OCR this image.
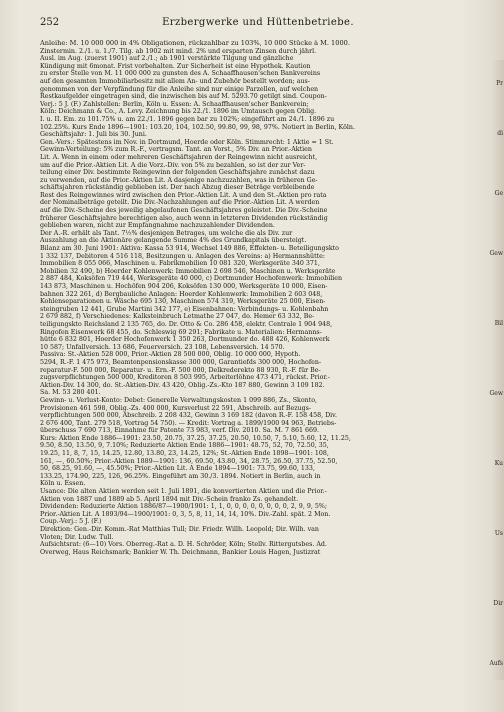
252	Erzbergwerke und Hüttenbetriebe.
Anleihe: M. 10 000 000 in 4% Obligationen, rückzahlbar zu 103%, 10 000 Stücke à M. 1000.
Zinstermin. 2./1. u. 1./7. Tilg. ab 1902 mit mind. 2% und ersparten Zinsen durch jährl.
Ausl. im Aug. (zuerst 1901) auf 2./1.; ab 1901 verstärkte Tilgung und gänzliche
Kündigung mit 6monat. Frist vorbehalten. Zur Sicherheit ist eine Hypothek. Kaution
zu erster Stelle von M. 11 000 000 zu gunsten des A. Schaaffhausen'schen Bankvereins
auf den gesamten Immobiliarbesitz mit allem An- und Zubehör bestellt worden; aus-
genommen von der Verpfändung für die Anleihe sind nur einige Parzellen, auf welchen
Restkaufgelder eingetragen sind, die inzwischen bis auf M. 5293.70 getilgt sind. Coupon-
Verj.: 5 J. (F.) Zahlstellen: Berlin, Köln u. Essen: A. Schaaffhausen'scher Bankverein;
Köln: Deichmann & Co., A. Levy. Zeichnung bis 22./1. 1896 im Umtausch gegen Oblig.
I. u. II. Em. zu 101.75% u. am 22./1. 1896 gegen bar zu 102%; eingeführt am 24./1. 1896 zu
102.25%. Kurs Ende 1896—1901: 103.20, 104, 102.50, 99.80, 99, 98, 97%. Notiert in Berlin, Köln.
Geschäftsjahr: 1. Juli bis 30. Juni.
Gen.-Vers.: Spätestens im Nov. in Dortmund, Hoerde oder Köln. Stimmrecht: 1 Aktie = 1 St.
Gewinn-Verteilung: 5% zum R.-F., vertragsm. Tant. an Vorst., 5% Div. an Prior.-Aktien
Lit. A. Wenn in einem oder mehreren Geschäftsjahren der Reingewinn nicht ausreicht,
um auf die Prior.-Aktien Lit. A die Vorz.-Div. von 5% zu bezahlen, so ist der zur Ver-
teilung einer Div. bestimmte Reingewinn der folgenden Geschäftsjahre zunächst dazu
zu verwenden, auf die Prior.-Aktien Lit. A dasjenige nachzuzahlen, was in früheren Ge-
schäftsjahren rückständig geblieben ist. Der nach Abzug dieser Beträge verbleibende
Rest des Reingewinnes wird zwischen den Prior.-Aktien Lit. A und den St.-Aktien pro rata
der Nominalbeträge geteilt. Die Div.-Nachzahlungen auf die Prior.-Aktien Lit. A werden
auf die Div.-Scheine des jeweilig abgelaufenen Geschäftsjahres geleistet. Die Div.-Scheine
früherer Geschäftsjahre berechtigen also, auch wenn in letzteren Dividenden rückständig
geblieben waren, nicht zur Empfangnahme nachzuzahlender Dividenden.
Der A.-R. erhält als Tant. 7½% desjenigen Betrages, um welche die als Div. zur
Auszahlung an die Aktionäre gelangende Summe 4% des Grundkapitals übersteigt.
Bilanz am 30. Juni 1901: Aktiva: Kassa 53 914, Wechsel 149 886, Effekten- u. Beteiligungskto
1 332 137, Debitoren 4 516 118, Besitzungen u. Anlagen des Vereins: a) Hermannshütte:
Immobilien 8 055 066, Maschinen u. Fabrikmobilien 10 081 320, Werksgeräte 340 371,
Mobilien 32 490, b) Hoerder Kohlenwerk: Immobilien 2 698 546, Maschinen u. Werksgeräte
2 887 484, Koksöfen 719 444, Werksgeräte 40 000, c) Dortmunder Hochofenwerk: Immobilien
143 873, Maschinen u. Hochöfen 904 206, Koksöfen 130 000, Werksgeräte 10 000, Eisen-
bahnen 322 261, d) Bergbauliche Anlagen: Hoerder Kohlenwerk: Immobilien 2 603 048,
Kohlenseparationen u. Wäsche 695 130, Maschinen 574 319, Werksgeräte 25 000, Eisen-
steingruben 12 441, Grube Martini 342 177, e) Eisenbahnen: Verbindungs- u. Kohlenbahn
2 679 882, f) Verschiedenes: Kalksteinbruch Letmathe 27 047, do. Hemer 63 332, Be-
teiligungskto Reichsland 2 135 765, do. Dr. Otto & Co. 286 458, elektr. Centrale 1 904 948,
Ringofen Eisenwerk 68 455, do. Schleswig 69 291; Fabrikate u. Materialien: Hermanns-
hütte 6 832 801, Hoerder Hochofenwerk 1 350 263, Dortmunder do. 488 426, Kohlenwerk
10 587; Unfallversich. 13 686, Feuerversich. 23 108, Lebensversich. 14 570.
Passiva: St.-Aktien 528 000, Prior.-Aktien 28 500 000, Oblig. 10 000 000, Hypoth.
5294, R.-F. 1 475 973, Beamtenpensionskasse 300 000, Garantiefds 300 000, Hochofen-
reparatur-F. 500 000, Reparatur- u. Ern.-F. 500 000, Delkrederekto 88 930, R.-F. für Be-
zugsverpflichtungen 500 000, Kreditoren 8 503 995, Arbeiterlöhne 473 471, rückst. Prior.-
Aktien-Div. 14 300, do. St.-Aktien-Div. 43 420, Oblig.-Zs.-Kto 187 880, Gewinn 3 109 182.
Sa. M. 53 280 401.
Gewinn- u. Verlust-Konto: Debet: Generelle Verwaltungskosten 1 099 886, Zs., Skonto,
Provisionen 461 598, Oblig.-Zs. 400 000, Kursverlust 22 591, Abschreib. auf Bezugs-
verpflichtungen 500 000, Abschreib. 2 208 432, Gewinn 3 169 182 (davon R.-F. 158 458, Div.
2 676 400, Tant. 279 518, Vortrag 54 750). — Kredit: Vortrag a. 1899/1900 94 963, Betriebs-
überschuss 7 690 713, Einnahme für Patente 73 983, verf. Div. 2010. Sa. M. 7 861 669.
Kurs: Aktien Ende 1886—1901: 23.50, 20.75, 37.25, 37.25, 20.50, 10.50, 7, 5.10, 5.60, 12, 11.25,
9.50, 8.50, 13.50, 9, 7.10%; Reduzierte Aktien Ende 1886—1901: 48.75, 52, 70, 72.50, 35,
19.25, 11, 8, 7, 15, 14.25, 12.80, 13.80, 23, 14.25, 12%; St.-Aktien Ende 1898—1901: 108,
161, —, 60.50%; Prior.-Aktien 1889—1901: 136, 69.50, 43.80, 34, 28.75, 26.50, 37.75, 52.50,
50, 68.25, 91.60, —, 45.50%; Prior.-Aktien Lit. A Ende 1894—1901: 73.75, 99.60, 133,
133.25, 174.90, 225, 126, 96.25%. Eingeführt am 30./3. 1894. Notiert in Berlin, auch in
Köln u. Essen.
Usance: Die alten Aktien werden seit 1. Juli 1891, die konvertierten Aktien und die Prior.-
Aktien von 1887 und 1889 ab 5. April 1894 mit Div.-Schein franko Zs. gehandelt.
Dividenden: Reduzierte Aktien 1886/87—1900/1901: 1, 1, 0, 0, 0, 0, 0, 0, 0, 0, 2, 9, 9, 5%;
Prior.-Aktien Lit. A 1893/94—1900/1901: 0, 3, 5, 8, 11, 14, 14, 10%. Div.-Zahl. spät. 2 Mon.
Coup.-Verj.: 5 J. (F.)
Direktion: Gen.-Dir. Komm.-Rat Matthias Tull; Dir. Friedr. Willh. Leopold; Dir. Wilh. van
Vloten; Dir. Ludw. Tull.
Aufsichtsrat: (6—10) Vors. Oberreg.-Rat a. D. H. Schröder, Köln; Stellv. Rittergutsbes. Ad.
Overweg, Haus Reichsmark; Bankier W. Th. Deichmann, Bankier Louis Hagen, Justizrat
Pr
di
Ge
Gew
Bil
Gew
Ku
Us
Dir
Aufs
